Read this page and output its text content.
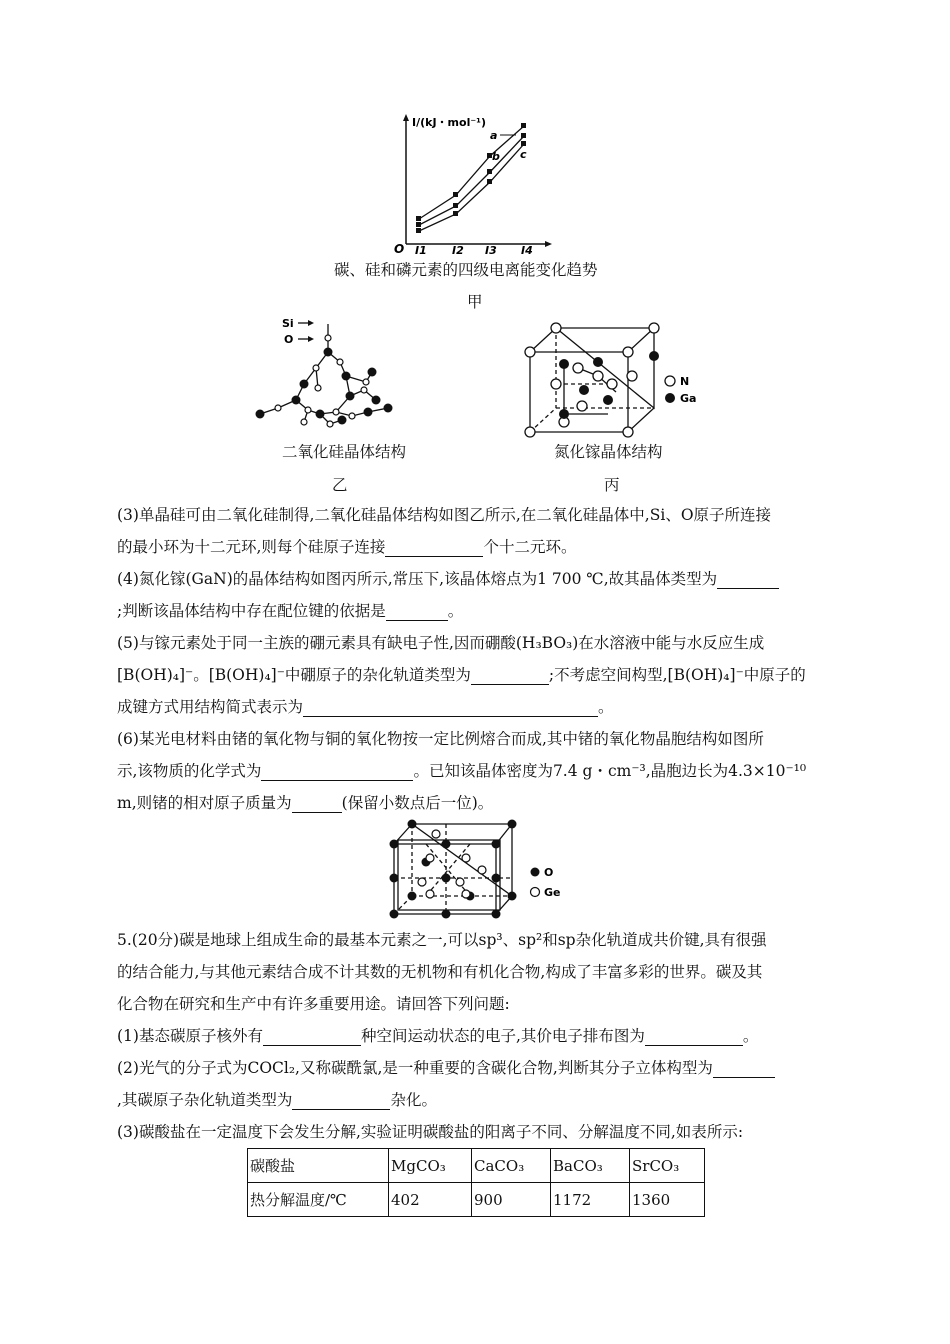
I/(kJ・mol⁻¹)
O I1 I2 I3 I4
a
b c
碳、硅和磷元素的四级电离能变化趋势
甲
Si
O
二氧化硅晶体结构
乙
N
Ga
氮化镓晶体结构
丙
(3)单晶硅可由二氧化硅制得,二氧化硅晶体结构如图乙所示,在二氧化硅晶体中,Si、O原子所连接
的最小环为十二元环,则每个硅原子连接	个十二元环。
(4)氮化镓(GaN)的晶体结构如图丙所示,常压下,该晶体熔点为1 700 ℃,故其晶体类型为
;判断该晶体结构中存在配位键的依据是	。
(5)与镓元素处于同一主族的硼元素具有缺电子性,因而硼酸(H₃BO₃)在水溶液中能与水反应生成
[B(OH)₄]⁻。[B(OH)₄]⁻中硼原子的杂化轨道类型为	;不考虑空间构型,[B(OH)₄]⁻中原子的
成键方式用结构简式表示为	。
(6)某光电材料由锗的氧化物与铜的氧化物按一定比例熔合而成,其中锗的氧化物晶胞结构如图所
示,该物质的化学式为	。已知该晶体密度为7.4 g・cm⁻³,晶胞边长为4.3×10⁻¹⁰
m,则锗的相对原子质量为	(保留小数点后一位)。
O
Ge
5.(20分)碳是地球上组成生命的最基本元素之一,可以sp³、sp²和sp杂化轨道成共价键,具有很强
的结合能力,与其他元素结合成不计其数的无机物和有机化合物,构成了丰富多彩的世界。碳及其
化合物在研究和生产中有许多重要用途。请回答下列问题:
(1)基态碳原子核外有	种空间运动状态的电子,其价电子排布图为	。
(2)光气的分子式为COCl₂,又称碳酰氯,是一种重要的含碳化合物,判断其分子立体构型为
,其碳原子杂化轨道类型为	杂化。
(3)碳酸盐在一定温度下会发生分解,实验证明碳酸盐的阳离子不同、分解温度不同,如表所示:
碳酸盐	MgCO₃	CaCO₃	BaCO₃	SrCO₃
热分解温度/℃	402	900	1172	1360
